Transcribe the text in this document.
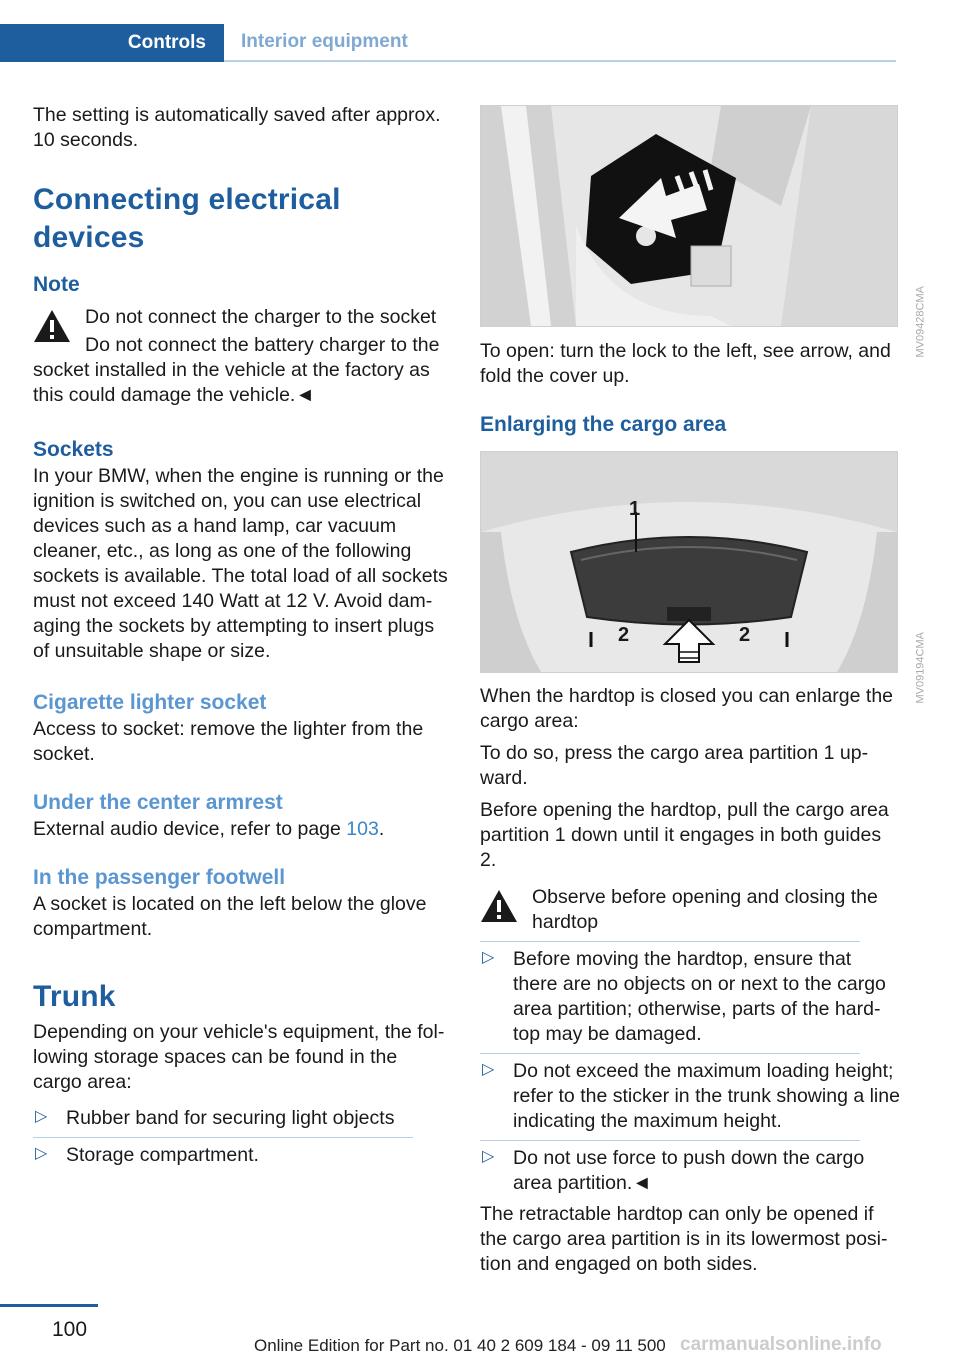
Controls	Interior equipment

The setting is automatically saved after approx. 10 seconds.

Connecting electrical devices
Note

Do not connect the charger to the socket

Do not connect the battery charger to the socket installed in the vehicle at the factory as this could damage the vehicle.◄

Sockets

In your BMW, when the engine is running or the ignition is switched on, you can use electrical devices such as a hand lamp, car vacuum cleaner, etc., as long as one of the following sockets is available. The total load of all sockets must not exceed 140 Watt at 12 V. Avoid dam‐ aging the sockets by attempting to insert plugs of unsuitable shape or size.

Cigarette lighter socket

Access to socket: remove the lighter from the socket.

Under the center armrest

External audio device, refer to page 103.

In the passenger footwell

A socket is located on the left below the glove compartment.

Trunk

Depending on your vehicle's equipment, the fol‐ lowing storage spaces can be found in the cargo area:

▷ Rubber band for securing light objects

▷ Storage compartment.

MV09428CMA

To open: turn the lock to the left, see arrow, and fold the cover up.

Enlarging the cargo area
1
2	2	MV09194CMA

When the hardtop is closed you can enlarge the cargo area:

To do so, press the cargo area partition 1 up‐ ward.

Before opening the hardtop, pull the cargo area partition 1 down until it engages in both guides 2.

Observe before opening and closing the hardtop

▷ Before moving the hardtop, ensure that there are no objects on or next to the cargo area partition; otherwise, parts of the hard‐ top may be damaged.

▷ Do not exceed the maximum loading height; refer to the sticker in the trunk showing a line indicating the maximum height.

▷ Do not use force to push down the cargo area partition.◄

The retractable hardtop can only be opened if the cargo area partition is in its lowermost posi‐ tion and engaged on both sides.

100
Online Edition for Part no. 01 40 2 609 184 - 09 11 500 carmanualsonline.info
